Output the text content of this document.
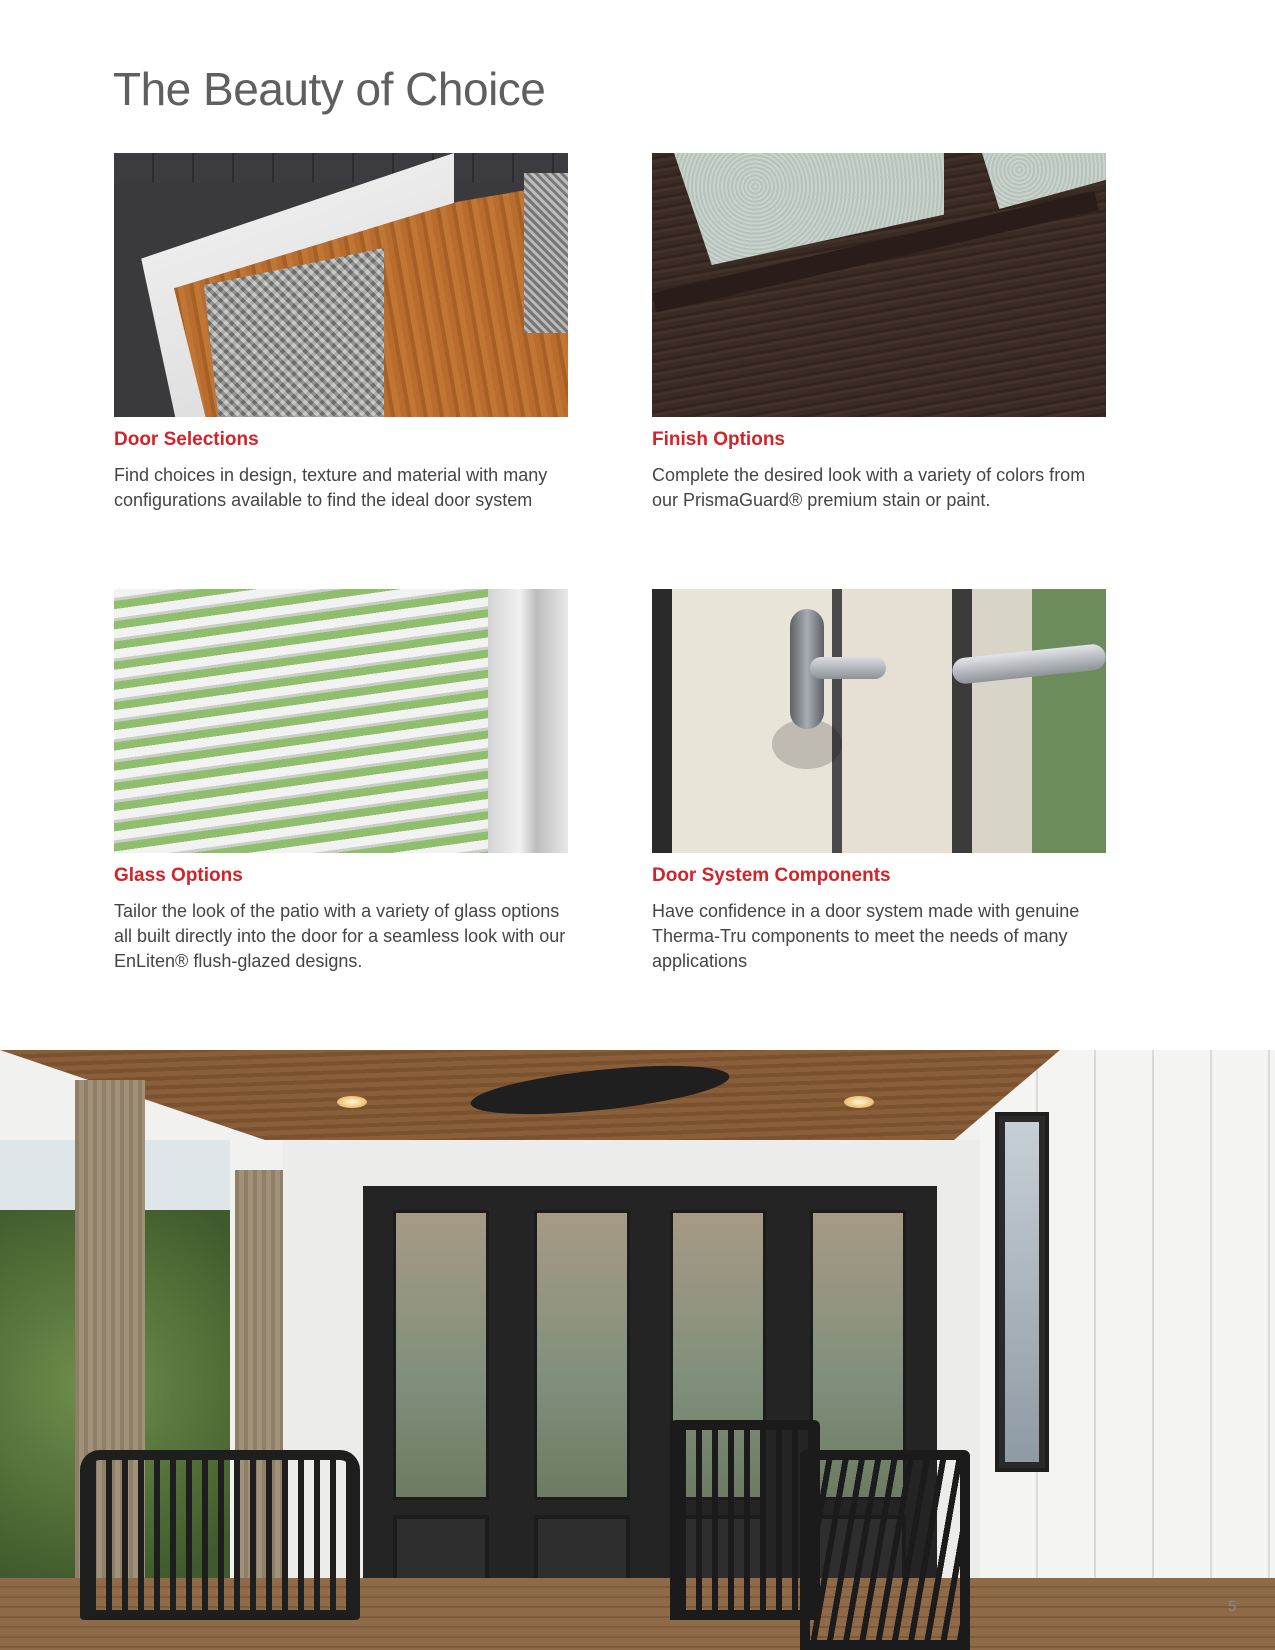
The Beauty of Choice
Door Selections

Find choices in design, texture and material with many configurations available to find the ideal door system

Finish Options

Complete the desired look with a variety of colors from our PrismaGuard® premium stain or paint.

Glass Options

Tailor the look of the patio with a variety of glass options all built directly into the door for a seamless look with our EnLiten® flush-glazed designs.

Door System Components

Have confidence in a door system made with genuine Therma-Tru components to meet the needs of many applications

5
